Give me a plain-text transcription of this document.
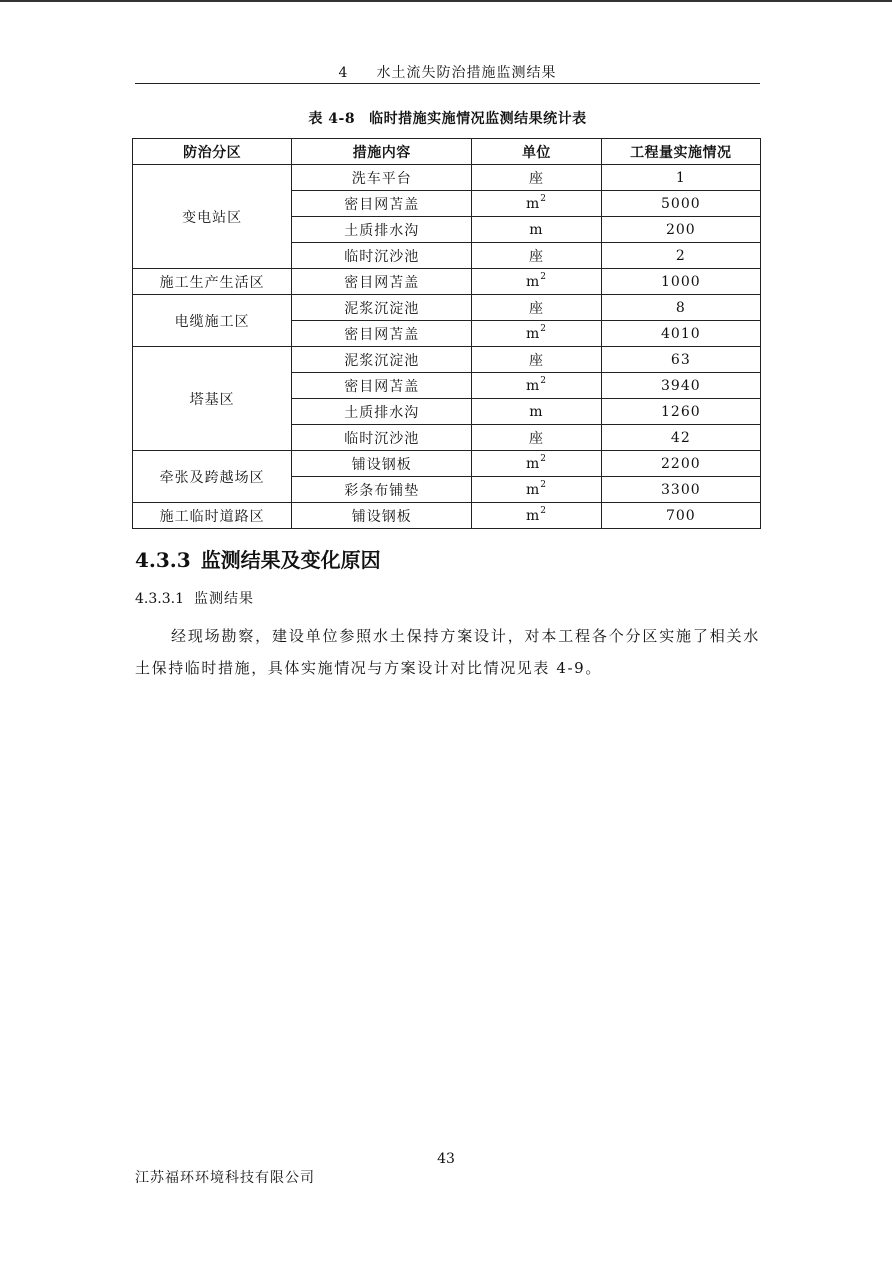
4 水土流失防治措施监测结果
表 4-8 临时措施实施情况监测结果统计表
防治分区	措施内容	单位	工程量实施情况
变电站区	洗车平台	座	1
	密目网苫盖	$m^2$	5000
	土质排水沟	m	200
	临时沉沙池	座	2
施工生产生活区	密目网苫盖	$m^2$	1000
电缆施工区	泥浆沉淀池	座	8
	密目网苫盖	$m^2$	4010
塔基区	泥浆沉淀池	座	63
	密目网苫盖	$m^2$	3940
	土质排水沟	m	1260
	临时沉沙池	座	42
牵张及跨越场区	铺设钢板	$m^2$	2200
	彩条布铺垫	$m^2$	3300
施工临时道路区	铺设钢板	$m^2$	700
4.3.3 监测结果及变化原因
4.3.3.1 监测结果
经现场勘察，建设单位参照水土保持方案设计，对本工程各个分区实施了相关水土保持临时措施，具体实施情况与方案设计对比情况见表 4-9。
43
江苏福环环境科技有限公司
